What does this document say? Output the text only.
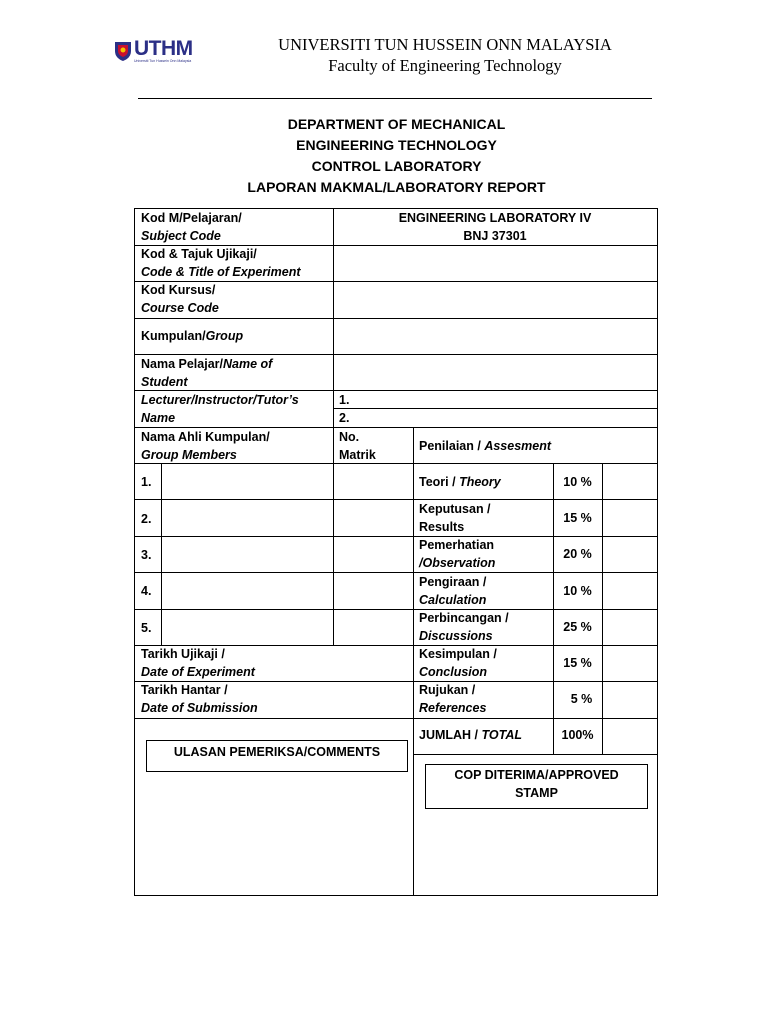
UTHM
Universiti Tun Hussein Onn Malaysia
UNIVERSITI TUN HUSSEIN ONN MALAYSIA
Faculty of Engineering Technology
DEPARTMENT OF MECHANICAL
ENGINEERING TECHNOLOGY
CONTROL LABORATORY
LAPORAN MAKMAL/LABORATORY REPORT
Kod M/Pelajaran/
Subject Code
ENGINEERING LABORATORY IV
BNJ 37301
Kod & Tajuk Ujikaji/
Code & Title of Experiment
Kod Kursus/
Course Code
Kumpulan/Group
Nama Pelajar/Name of
Student
Lecturer/Instructor/Tutor’s
Name
1.
2.
Nama Ahli Kumpulan/
Group Members
No.
Matrik
Penilaian / Assesment
1.
2.
3.
4.
5.
Tarikh Ujikaji /
Date of Experiment
Tarikh Hantar /
Date of Submission
Teori / Theory	10 %
Keputusan /
Results
15 %
Pemerhatian
/Observation
20 %
Pengiraan /
Calculation
10 %
Perbincangan /
Discussions
25 %
Kesimpulan /
Conclusion
15 %
Rujukan /
References
5 %
JUMLAH / TOTAL	100%
ULASAN PEMERIKSA/COMMENTS
COP DITERIMA/APPROVED
STAMP
